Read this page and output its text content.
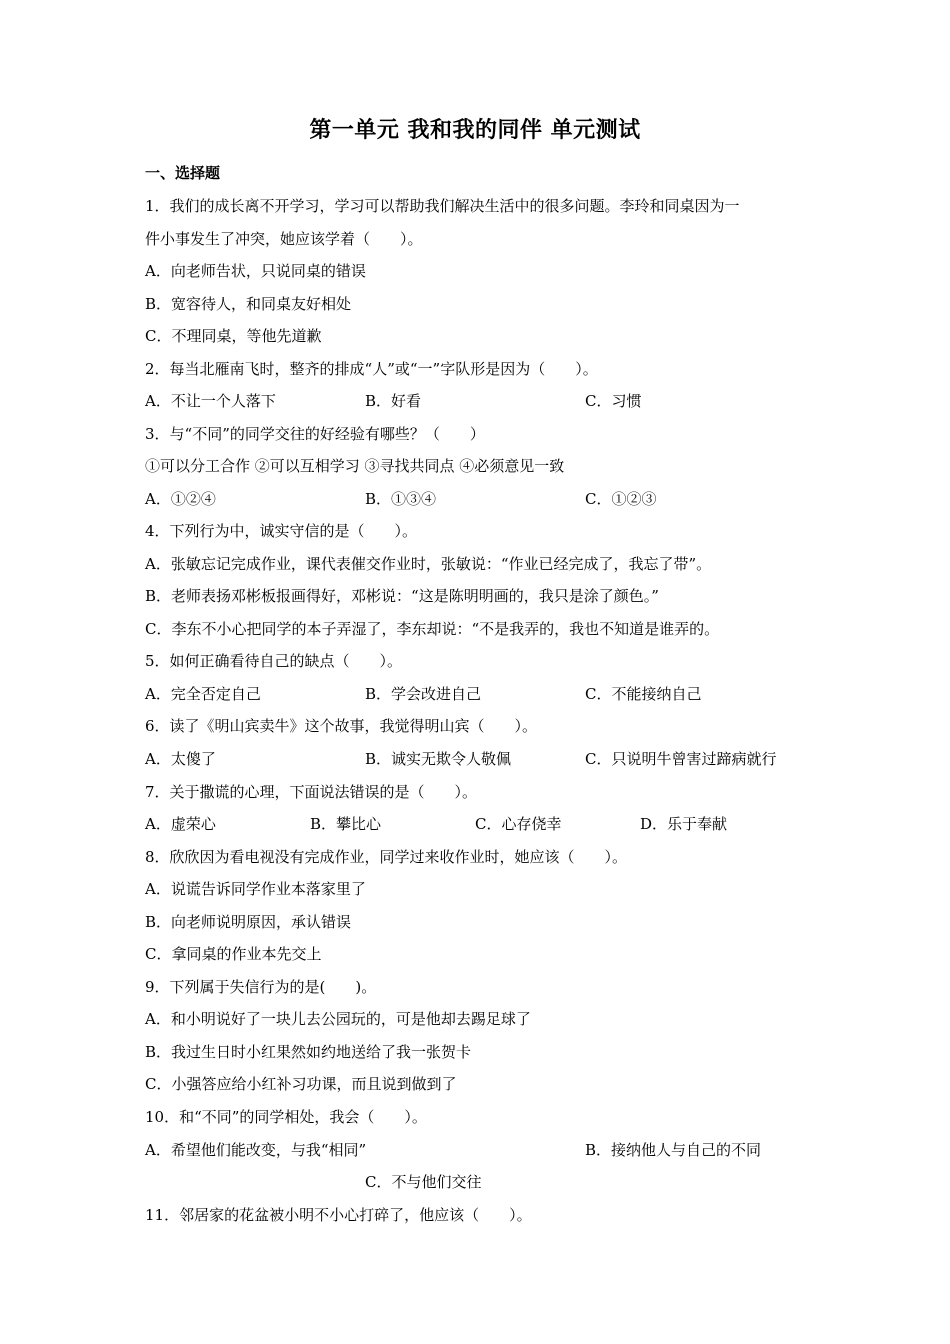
第一单元 我和我的同伴 单元测试
一、选择题
1．我们的成长离不开学习，学习可以帮助我们解决生活中的很多问题。李玲和同桌因为一
件小事发生了冲突，她应该学着（　　）。
A．向老师告状，只说同桌的错误
B．宽容待人，和同桌友好相处
C．不理同桌，等他先道歉
2．每当北雁南飞时，整齐的排成“人”或“一”字队形是因为（　　）。
A．不让一个人落下	B．好看	C．习惯
3．与“不同”的同学交往的好经验有哪些？（　　）
①可以分工合作 ②可以互相学习 ③寻找共同点 ④必须意见一致
A．①②④	B．①③④	C．①②③
4．下列行为中，诚实守信的是（　　）。
A．张敏忘记完成作业，课代表催交作业时，张敏说：“作业已经完成了，我忘了带”。
B．老师表扬邓彬板报画得好，邓彬说：“这是陈明明画的，我只是涂了颜色。”
C．李东不小心把同学的本子弄湿了，李东却说：“不是我弄的，我也不知道是谁弄的。
5．如何正确看待自己的缺点（　　）。
A．完全否定自己	B．学会改进自己	C．不能接纳自己
6．读了《明山宾卖牛》这个故事，我觉得明山宾（　　）。
A．太傻了	B．诚实无欺令人敬佩	C．只说明牛曾害过蹄病就行
7．关于撒谎的心理，下面说法错误的是（　　）。
A．虚荣心	B．攀比心	C．心存侥幸	D．乐于奉献
8．欣欣因为看电视没有完成作业，同学过来收作业时，她应该（　　）。
A．说谎告诉同学作业本落家里了
B．向老师说明原因，承认错误
C．拿同桌的作业本先交上
9．下列属于失信行为的是(　　)。
A．和小明说好了一块儿去公园玩的，可是他却去踢足球了
B．我过生日时小红果然如约地送给了我一张贺卡
C．小强答应给小红补习功课，而且说到做到了
10．和“不同”的同学相处，我会（　　）。
A．希望他们能改变，与我“相同”	B．接纳他人与自己的不同
C．不与他们交往
11．邻居家的花盆被小明不小心打碎了，他应该（　　）。
